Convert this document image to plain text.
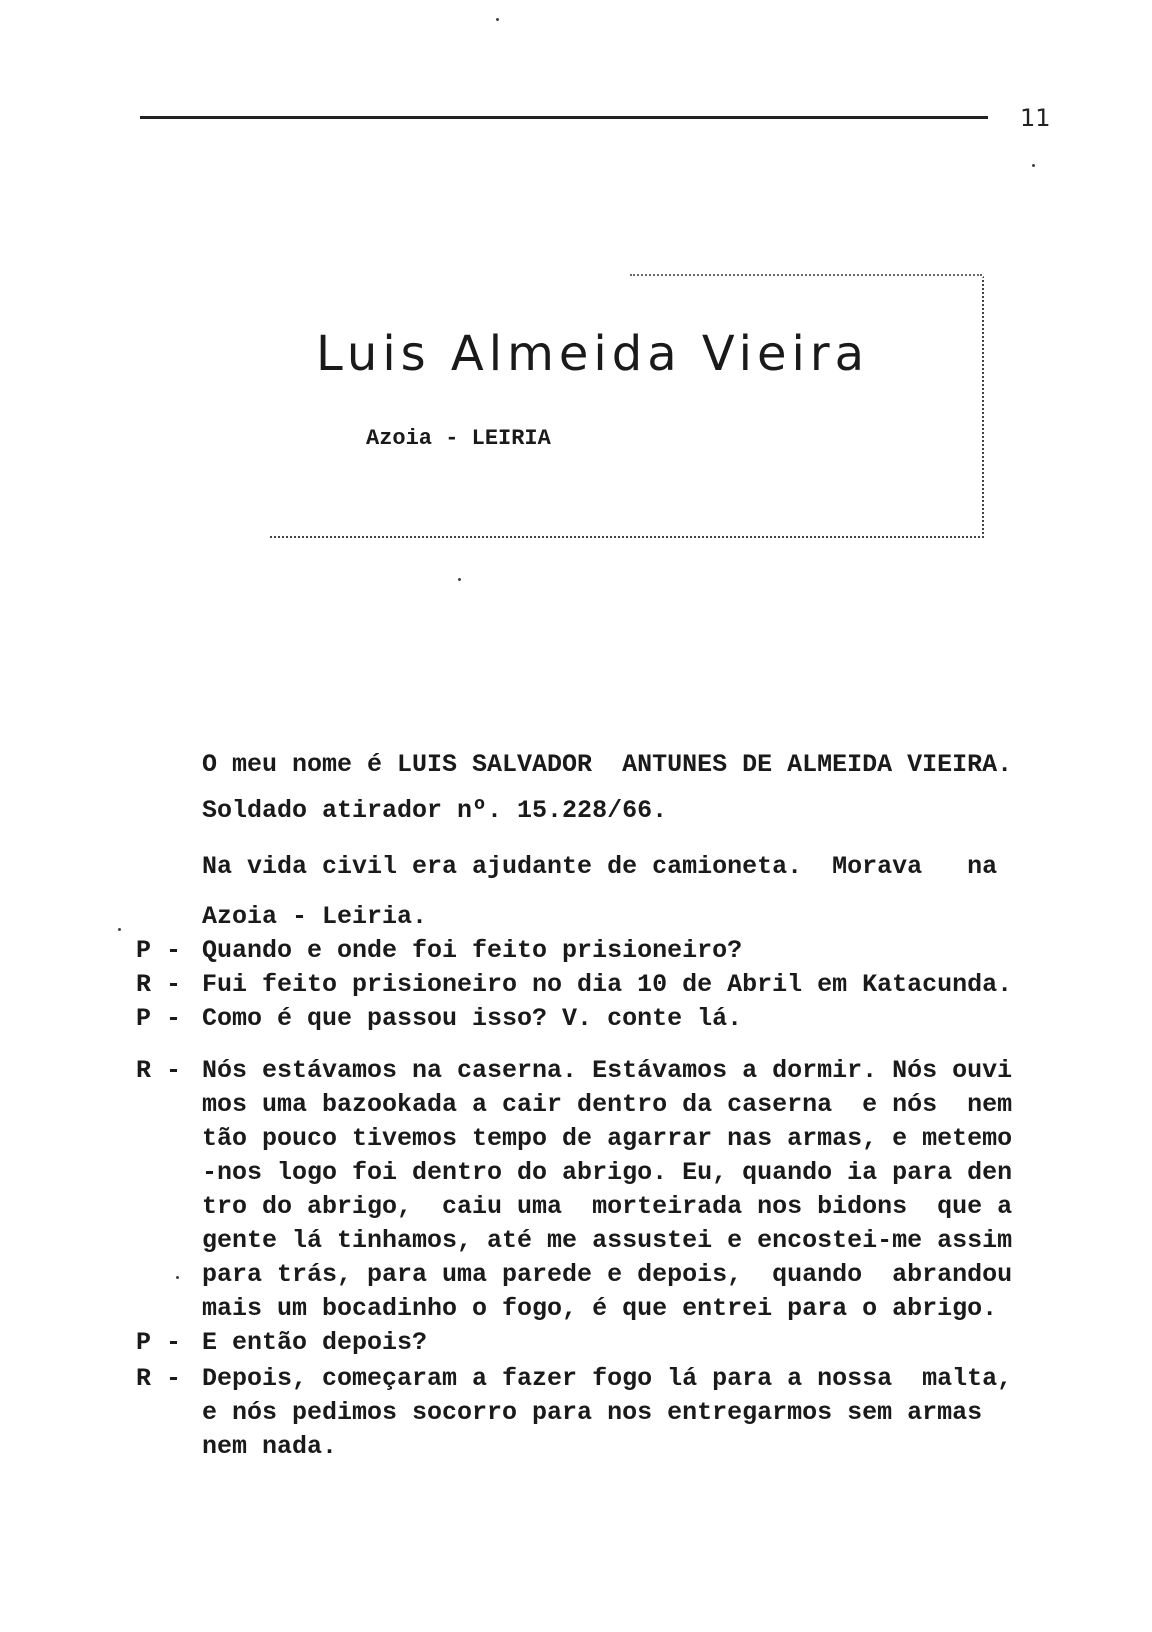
11
Luis Almeida Vieira
Azoia - LEIRIA
O meu nome é LUIS SALVADOR  ANTUNES DE ALMEIDA VIEIRA.
Soldado atirador nº. 15.228/66.
Na vida civil era ajudante de camioneta.  Morava   na
Azoia - Leiria.
P - Quando e onde foi feito prisioneiro?
R - Fui feito prisioneiro no dia 10 de Abril em Katacunda.
P - Como é que passou isso? V. conte lá.
R - Nós estávamos na caserna. Estávamos a dormir. Nós ouvi
mos uma bazookada a cair dentro da caserna  e nós  nem
tão pouco tivemos tempo de agarrar nas armas, e metemo
-nos logo foi dentro do abrigo. Eu, quando ia para den
tro do abrigo,  caiu uma  morteirada nos bidons  que a
gente lá tinhamos, até me assustei e encostei-me assim
para trás, para uma parede e depois,  quando  abrandou
mais um bocadinho o fogo, é que entrei para o abrigo.
P - E então depois?
R - Depois, começaram a fazer fogo lá para a nossa  malta,
e nós pedimos socorro para nos entregarmos sem armas
nem nada.
